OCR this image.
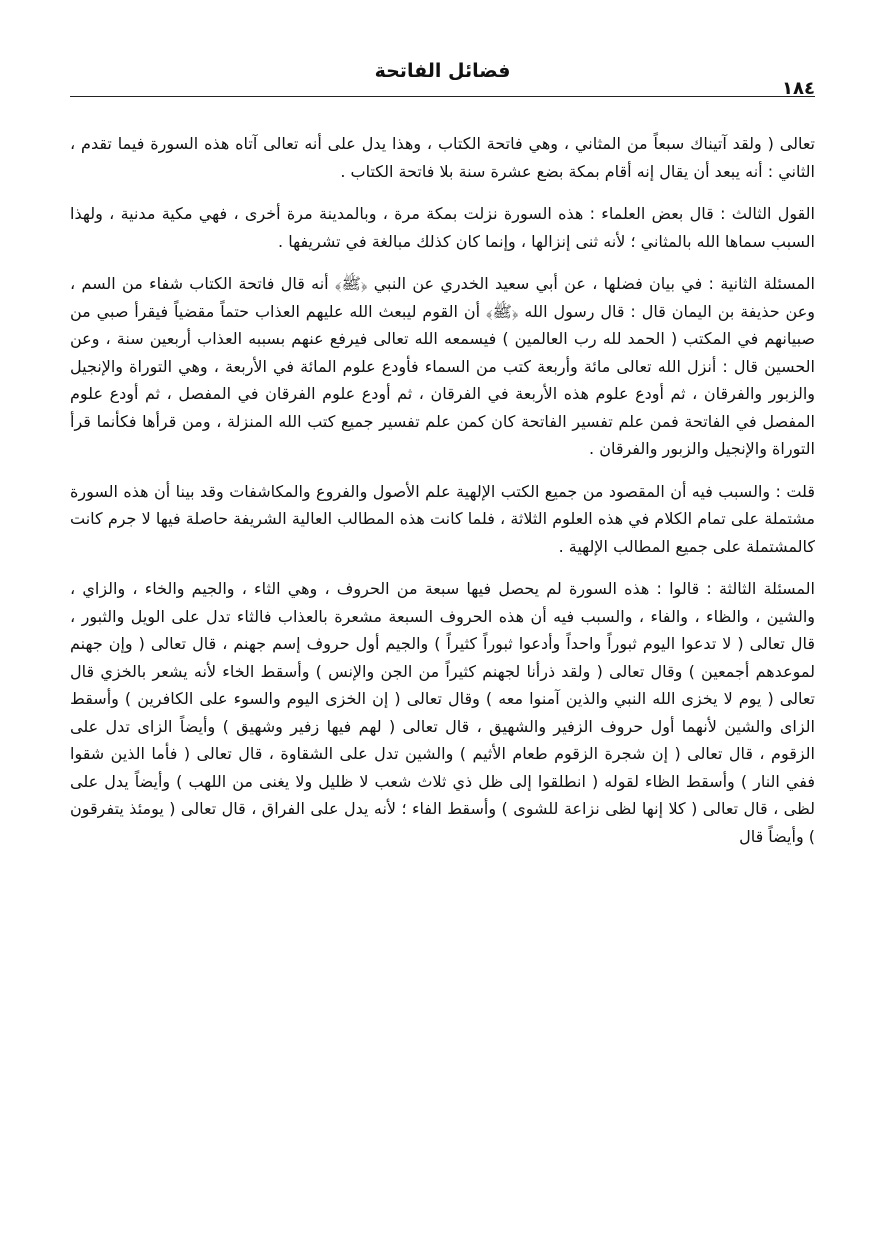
فضائل الفاتحة
١٨٤

تعالى ( ولقد آتيناك سبعاً من المثاني ، وهي فاتحة الكتاب ، وهذا يدل على أنه تعالى آتاه هذه السورة فيما تقدم ، الثاني : أنه يبعد أن يقال إنه أقام بمكة بضع عشرة سنة بلا فاتحة الكتاب .

القول الثالث : قال بعض العلماء : هذه السورة نزلت بمكة مرة ، وبالمدينة مرة أخرى ، فهي مكية مدنية ، ولهذا السبب سماها الله بالمثاني ؛ لأنه ثنى إنزالها ، وإنما كان كذلك مبالغة في تشريفها .

المسئلة الثانية : في بيان فضلها ، عن أبي سعيد الخدري عن النبي ﴿ﷺ﴾ أنه قال فاتحة الكتاب شفاء من السم ، وعن حذيفة بن اليمان قال : قال رسول الله ﴿ﷺ﴾ أن القوم ليبعث الله عليهم العذاب حتماً مقضياً فيقرأ صبي من صبيانهم في المكتب ( الحمد لله رب العالمين ) فيسمعه الله تعالى فيرفع عنهم بسببه العذاب أربعين سنة ، وعن الحسين قال : أنزل الله تعالى مائة وأربعة كتب من السماء فأودع علوم المائة في الأربعة ، وهي التوراة والإنجيل والزبور والفرقان ، ثم أودع علوم هذه الأربعة في الفرقان ، ثم أودع علوم الفرقان في المفصل ، ثم أودع علوم المفصل في الفاتحة فمن علم تفسير الفاتحة كان كمن علم تفسير جميع كتب الله المنزلة ، ومن قرأها فكأنما قرأ التوراة والإنجيل والزبور والفرقان .

قلت : والسبب فيه أن المقصود من جميع الكتب الإلهية علم الأصول والفروع والمكاشفات وقد بينا أن هذه السورة مشتملة على تمام الكلام في هذه العلوم الثلاثة ، فلما كانت هذه المطالب العالية الشريفة حاصلة فيها لا جرم كانت كالمشتملة على جميع المطالب الإلهية .

المسئلة الثالثة : قالوا : هذه السورة لم يحصل فيها سبعة من الحروف ، وهي الثاء ، والجيم والخاء ، والزاي ، والشين ، والظاء ، والفاء ، والسبب فيه أن هذه الحروف السبعة مشعرة بالعذاب فالثاء تدل على الويل والثبور ، قال تعالى ( لا تدعوا اليوم ثبوراً واحداً وأدعوا ثبوراً كثيراً ) والجيم أول حروف إسم جهنم ، قال تعالى ( وإن جهنم لموعدهم أجمعين ) وقال تعالى ( ولقد ذرأنا لجهنم كثيراً من الجن والإنس ) وأسقط الخاء لأنه يشعر بالخزي قال تعالى ( يوم لا يخزى الله النبي والذين آمنوا معه ) وقال تعالى ( إن الخزى اليوم والسوء على الكافرين ) وأسقط الزاى والشين لأنهما أول حروف الزفير والشهيق ، قال تعالى ( لهم فيها زفير وشهيق ) وأيضاً الزاى تدل على الزقوم ، قال تعالى ( إن شجرة الزقوم طعام الأثيم ) والشين تدل على الشقاوة ، قال تعالى ( فأما الذين شقوا ففي النار ) وأسقط الظاء لقوله ( انطلقوا إلى ظل ذي ثلاث شعب لا ظليل ولا يغنى من اللهب ) وأيضاً يدل على لظى ، قال تعالى ( كلا إنها لظى نزاعة للشوى ) وأسقط الفاء ؛ لأنه يدل على الفراق ، قال تعالى ( يومئذ يتفرقون ) وأيضاً قال
